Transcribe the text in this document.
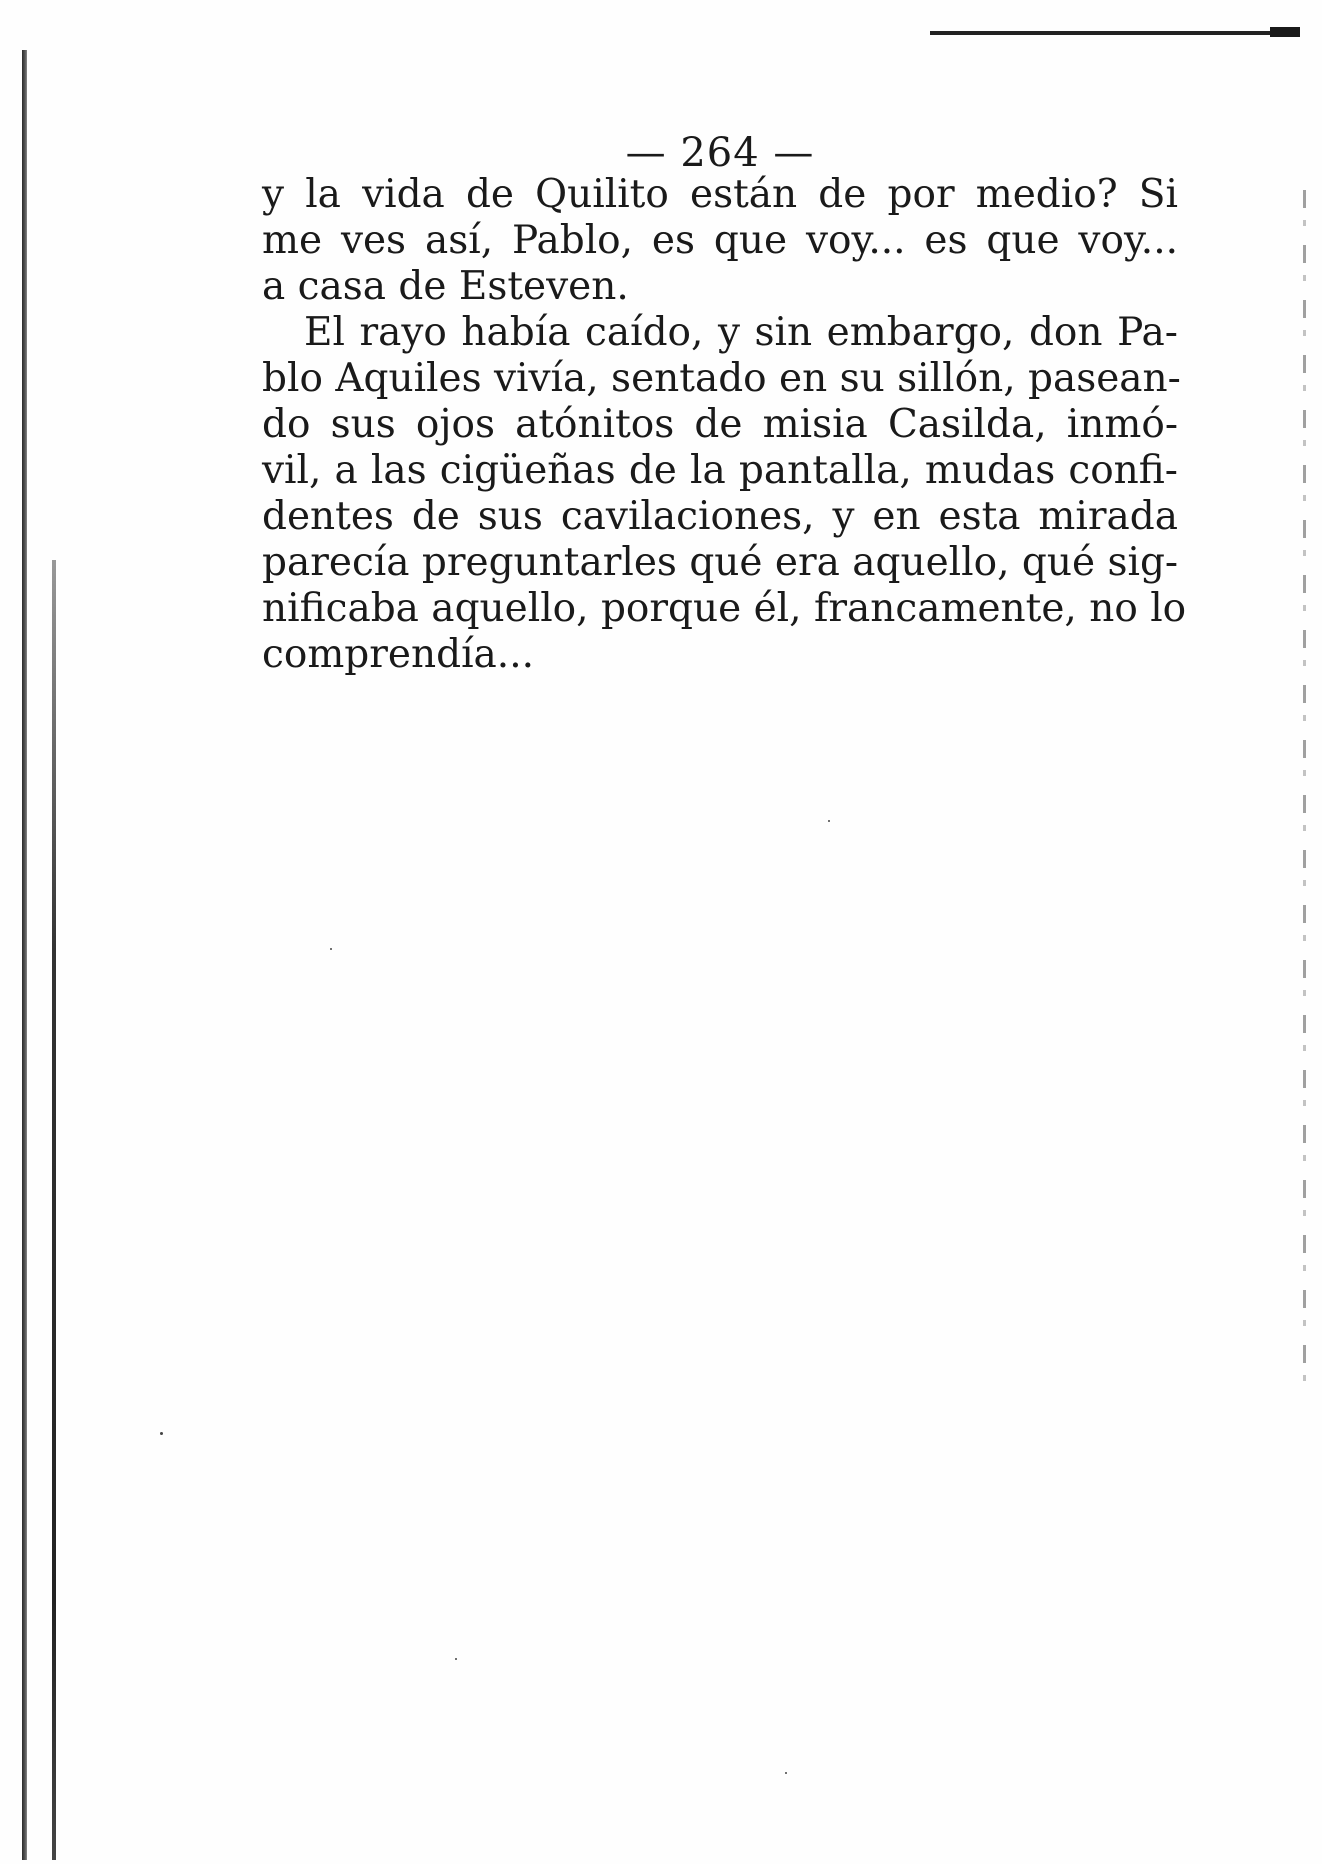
— 264 —
y la vida de Quilito están de por medio? Si
me ves así, Pablo, es que voy... es que voy...
a casa de Esteven.
El rayo había caído, y sin embargo, don Pa-
blo Aquiles vivía, sentado en su sillón, pasean-
do sus ojos atónitos de misia Casilda, inmó-
vil, a las cigüeñas de la pantalla, mudas confi-
dentes de sus cavilaciones, y en esta mirada
parecía preguntarles qué era aquello, qué sig-
nificaba aquello, porque él, francamente, no lo
comprendía...
